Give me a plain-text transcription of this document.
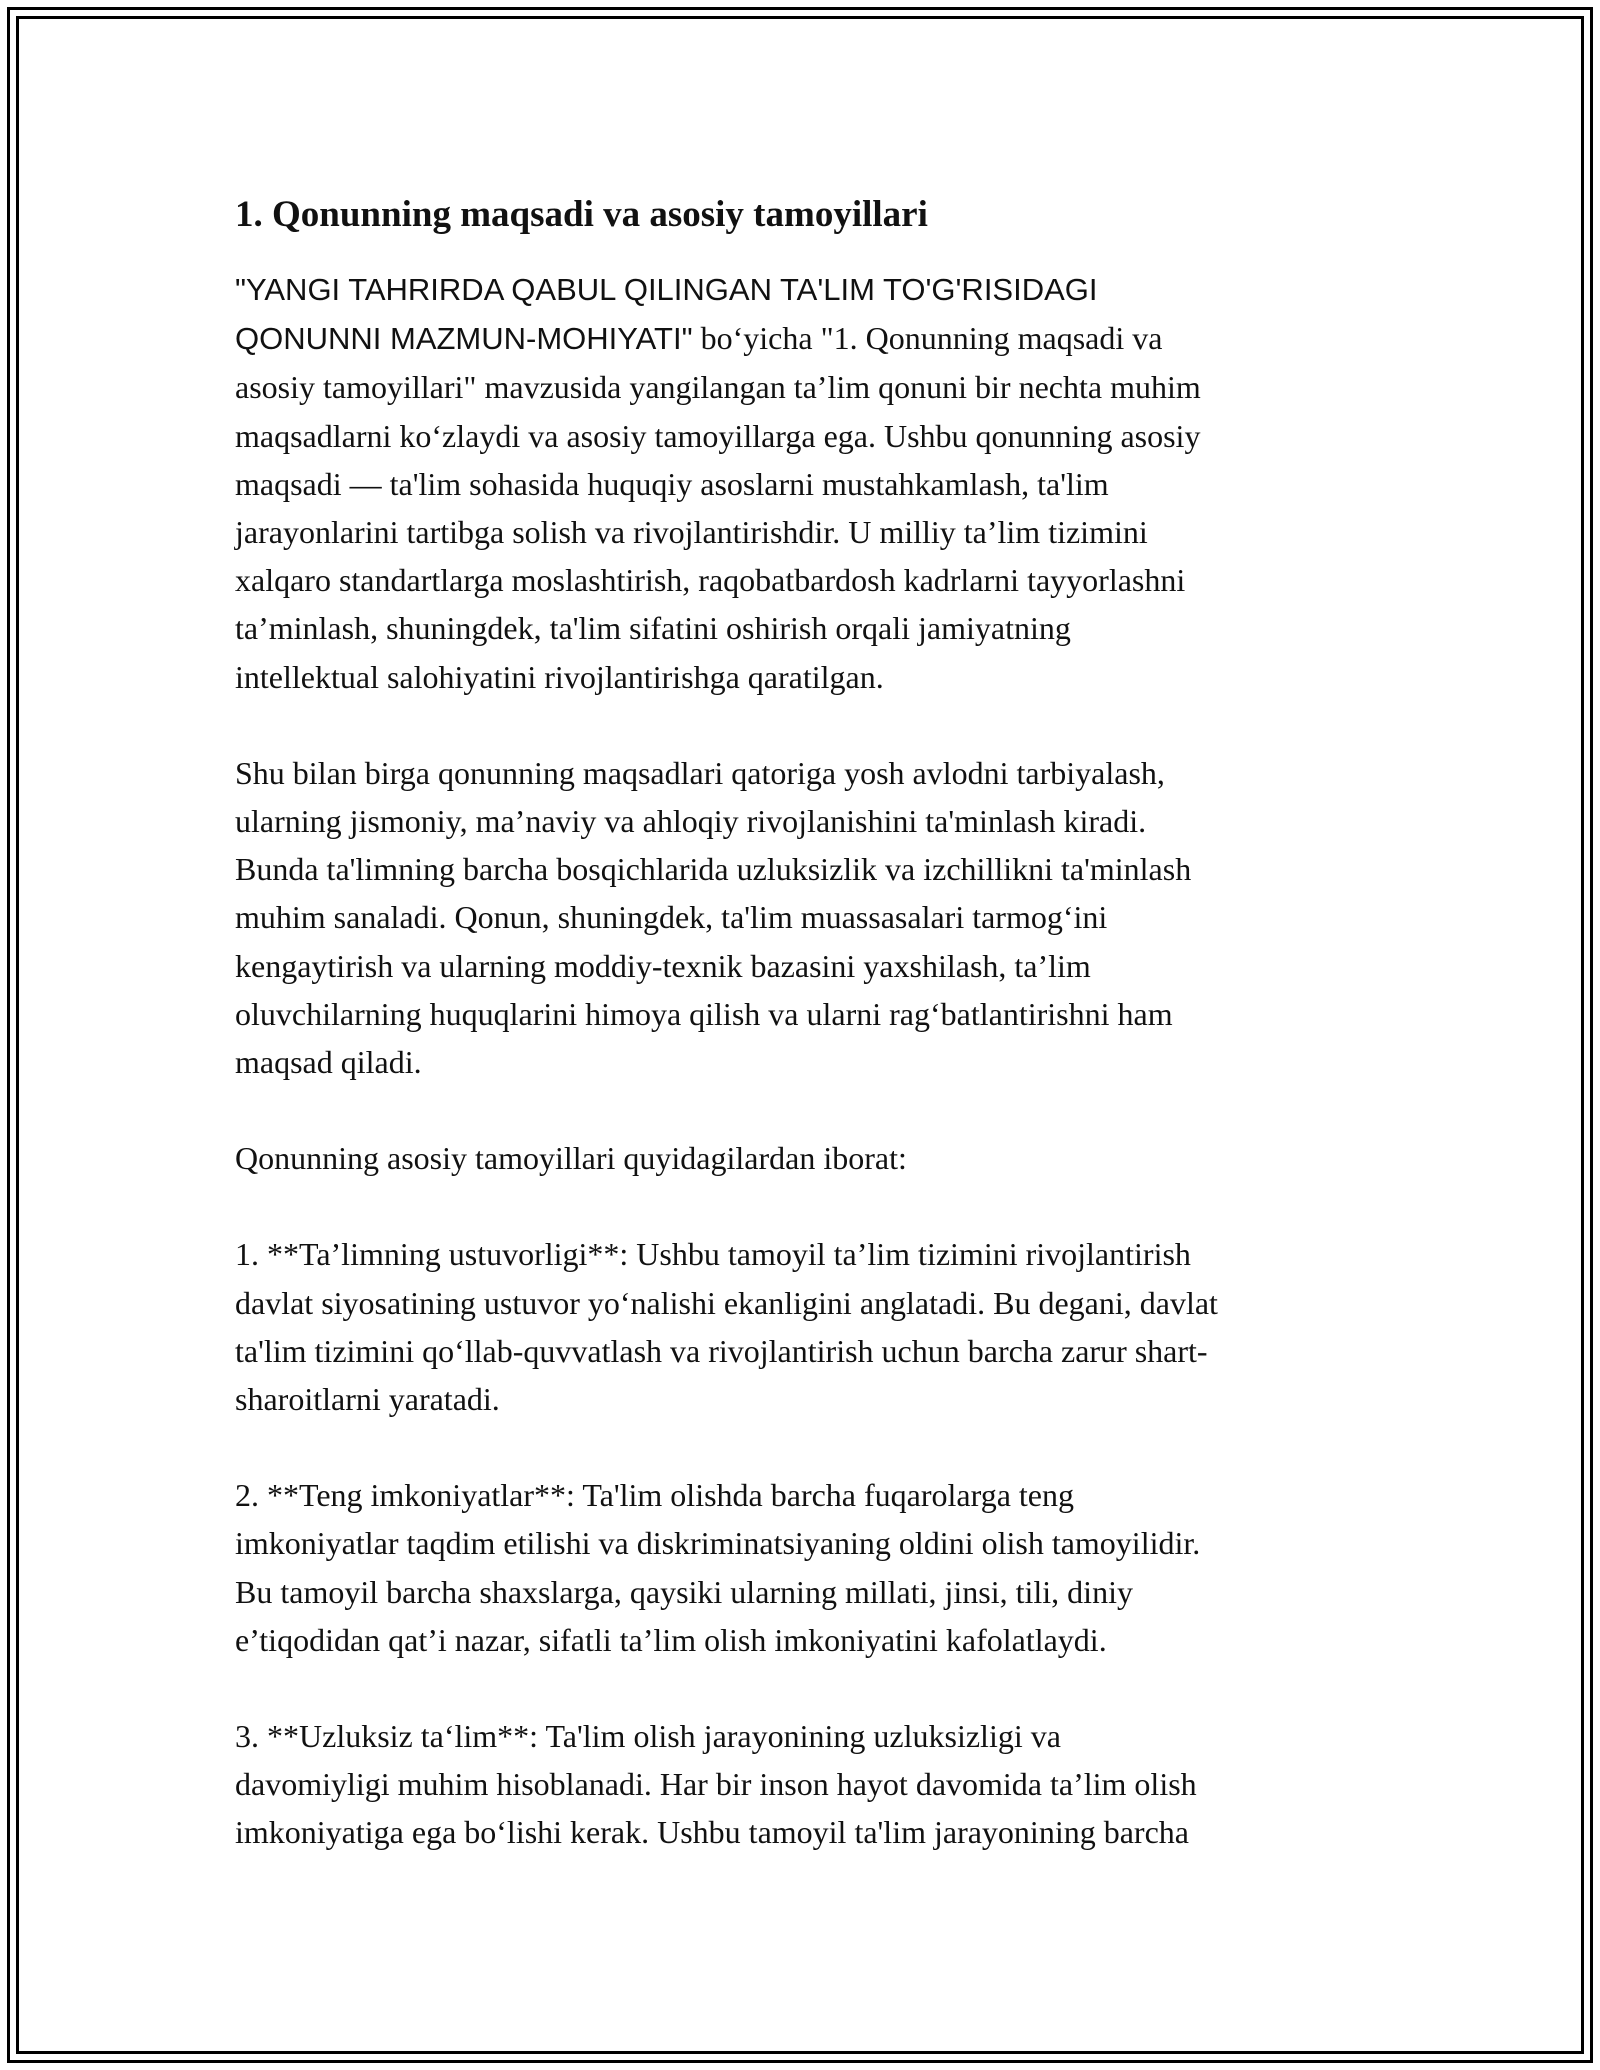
1. Qonunning maqsadi va asosiy tamoyillari

"YANGI TAHRIRDA QABUL QILINGAN TA'LIM TO'G'RISIDAGI
QONUNNI MAZMUN-MOHIYATI" bo‘yicha "1. Qonunning maqsadi va
asosiy tamoyillari" mavzusida yangilangan ta’lim qonuni bir nechta muhim
maqsadlarni ko‘zlaydi va asosiy tamoyillarga ega. Ushbu qonunning asosiy
maqsadi — ta'lim sohasida huquqiy asoslarni mustahkamlash, ta'lim
jarayonlarini tartibga solish va rivojlantirishdir. U milliy ta’lim tizimini
xalqaro standartlarga moslashtirish, raqobatbardosh kadrlarni tayyorlashni
ta’minlash, shuningdek, ta'lim sifatini oshirish orqali jamiyatning
intellektual salohiyatini rivojlantirishga qaratilgan.

Shu bilan birga qonunning maqsadlari qatoriga yosh avlodni tarbiyalash,
ularning jismoniy, ma’naviy va ahloqiy rivojlanishini ta'minlash kiradi.
Bunda ta'limning barcha bosqichlarida uzluksizlik va izchillikni ta'minlash
muhim sanaladi. Qonun, shuningdek, ta'lim muassasalari tarmog‘ini
kengaytirish va ularning moddiy-texnik bazasini yaxshilash, ta’lim
oluvchilarning huquqlarini himoya qilish va ularni rag‘batlantirishni ham
maqsad qiladi.

Qonunning asosiy tamoyillari quyidagilardan iborat:

1. **Ta’limning ustuvorligi**: Ushbu tamoyil ta’lim tizimini rivojlantirish
davlat siyosatining ustuvor yo‘nalishi ekanligini anglatadi. Bu degani, davlat
ta'lim tizimini qo‘llab-quvvatlash va rivojlantirish uchun barcha zarur shart-
sharoitlarni yaratadi.

2. **Teng imkoniyatlar**: Ta'lim olishda barcha fuqarolarga teng
imkoniyatlar taqdim etilishi va diskriminatsiyaning oldini olish tamoyilidir.
Bu tamoyil barcha shaxslarga, qaysiki ularning millati, jinsi, tili, diniy
e’tiqodidan qat’i nazar, sifatli ta’lim olish imkoniyatini kafolatlaydi.

3. **Uzluksiz ta‘lim**: Ta'lim olish jarayonining uzluksizligi va
davomiyligi muhim hisoblanadi. Har bir inson hayot davomida ta’lim olish
imkoniyatiga ega bo‘lishi kerak. Ushbu tamoyil ta'lim jarayonining barcha
